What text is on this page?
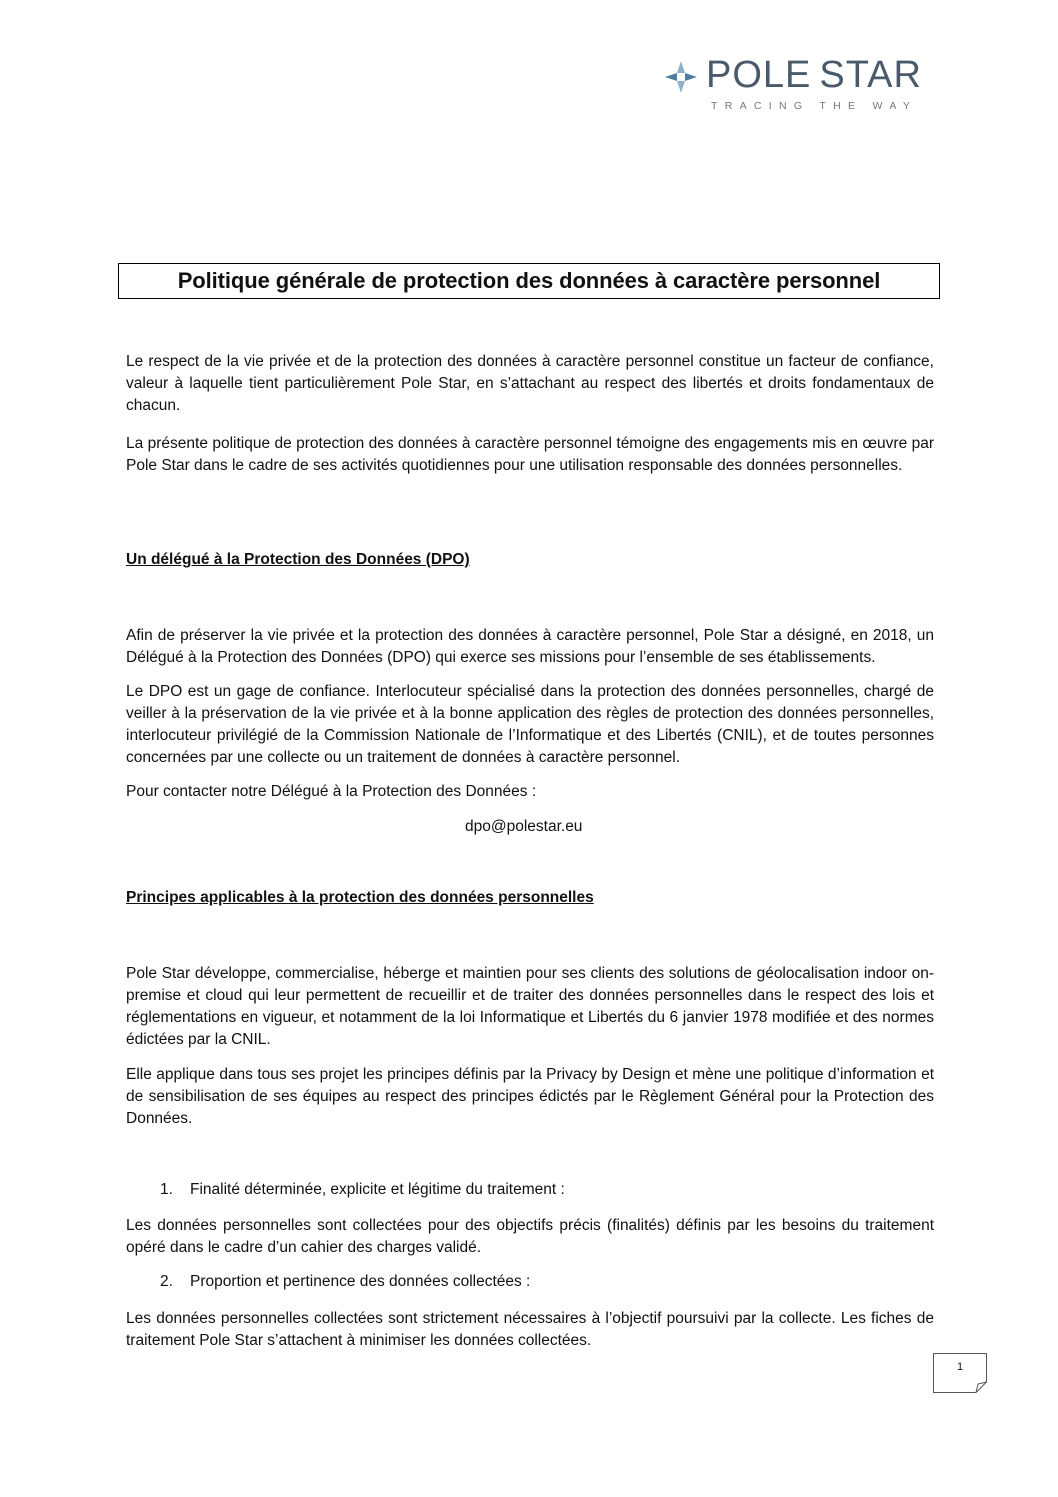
POLE STAR
TRACING THE WAY
Politique générale de protection des données à caractère personnel

Le respect de la vie privée et de la protection des données à caractère personnel constitue un facteur de confiance, valeur à laquelle tient particulièrement Pole Star, en s’attachant au respect des libertés et droits fondamentaux de chacun.

La présente politique de protection des données à caractère personnel témoigne des engagements mis en œuvre par Pole Star dans le cadre de ses activités quotidiennes pour une utilisation responsable des données personnelles.

Un délégué à la Protection des Données (DPO)

Afin de préserver la vie privée et la protection des données à caractère personnel, Pole Star a désigné, en 2018, un Délégué à la Protection des Données (DPO) qui exerce ses missions pour l’ensemble de ses établissements.

Le DPO est un gage de confiance. Interlocuteur spécialisé dans la protection des données personnelles, chargé de veiller à la préservation de la vie privée et à la bonne application des règles de protection des données personnelles, interlocuteur privilégié de la Commission Nationale de l’Informatique et des Libertés (CNIL), et de toutes personnes concernées par une collecte ou un traitement de données à caractère personnel.

Pour contacter notre Délégué à la Protection des Données :

dpo@polestar.eu

Principes applicables à la protection des données personnelles

Pole Star développe, commercialise, héberge et maintien pour ses clients des solutions de géolocalisation indoor on-premise et cloud qui leur permettent de recueillir et de traiter des données personnelles dans le respect des lois et réglementations en vigueur, et notamment de la loi Informatique et Libertés du 6 janvier 1978 modifiée et des normes édictées par la CNIL.

Elle applique dans tous ses projet les principes définis par la Privacy by Design et mène une politique d’information et de sensibilisation de ses équipes au respect des principes édictés par le Règlement Général pour la Protection des Données.

1. Finalité déterminée, explicite et légitime du traitement :

Les données personnelles sont collectées pour des objectifs précis (finalités) définis par les besoins du traitement opéré dans le cadre d’un cahier des charges validé.

2. Proportion et pertinence des données collectées :

Les données personnelles collectées sont strictement nécessaires à l’objectif poursuivi par la collecte. Les fiches de traitement Pole Star s’attachent à minimiser les données collectées.

1
